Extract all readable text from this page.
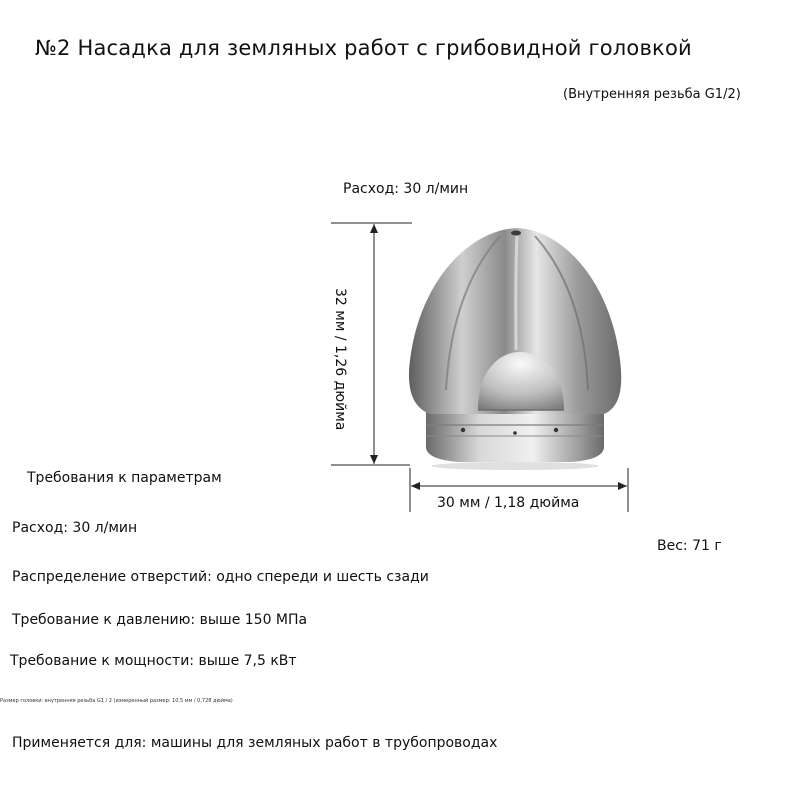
№2 Насадка для земляных работ с грибовидной головкой
(Внутренняя резьба G1/2)
Расход: 30 л/мин
32 мм / 1,26 дюйма
30 мм / 1,18 дюйма
Вес: 71 г
Требования к параметрам
Расход: 30 л/мин
Распределение отверстий: одно спереди и шесть сзади
Требование к давлению: выше 150 МПа
Требование к мощности: выше 7,5 кВт
Размер головки: внутренняя резьба G1 / 2 (измеренный размер: 10,5 мм / 0,728 дюйма)
Применяется для: машины для земляных работ в трубопроводах
